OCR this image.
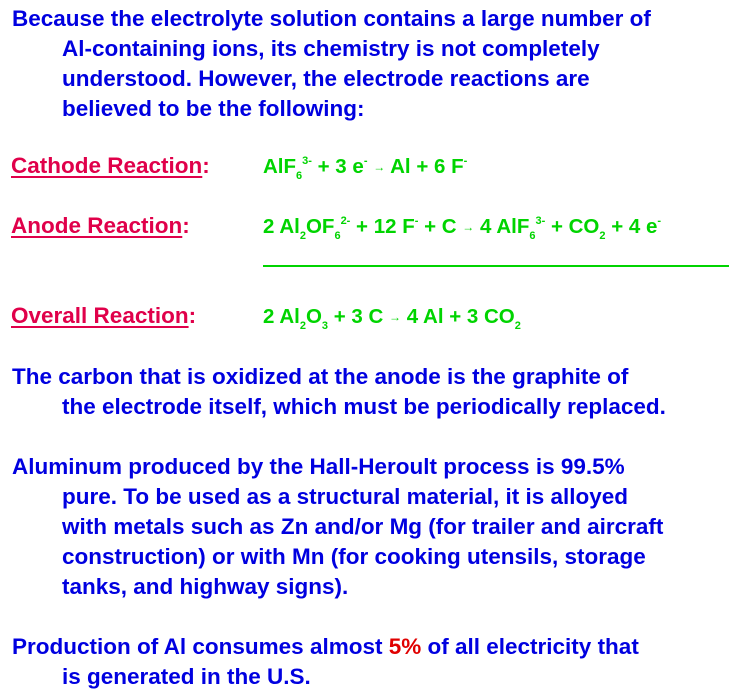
Because the electrolyte solution contains a large number of
Al-containing ions, its chemistry is not completely
understood. However, the electrode reactions are
believed to be the following:
Cathode Reaction:	AlF$_6^{3-}$ + 3 e- → Al + 6 F-
Anode Reaction:	2 $Al_2OF_6^{2-} + 12$ F- + C → 4 $AlF_6^{3-} + CO_2 + 4$ e-
Overall Reaction:	2 $Al_2O_3 + 3$ C → 4 Al + 3 $CO_2$
The carbon that is oxidized at the anode is the graphite of
the electrode itself, which must be periodically replaced.
Aluminum produced by the Hall-Heroult process is 99.5%
pure. To be used as a structural material, it is alloyed
with metals such as Zn and/or Mg (for trailer and aircraft
construction) or with Mn (for cooking utensils, storage
tanks, and highway signs).
Production of Al consumes almost 5% of all electricity that
is generated in the U.S.
